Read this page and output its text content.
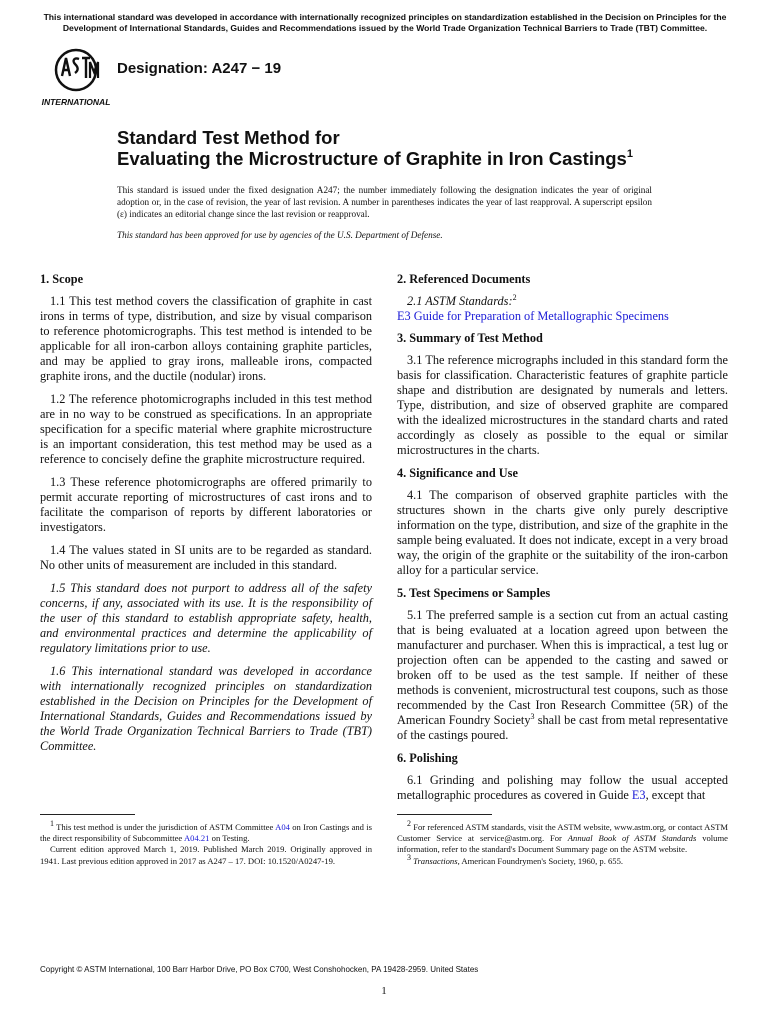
This international standard was developed in accordance with internationally recognized principles on standardization established in the Decision on Principles for the Development of International Standards, Guides and Recommendations issued by the World Trade Organization Technical Barriers to Trade (TBT) Committee.
INTERNATIONAL
Designation: A247 − 19
Standard Test Method for
Evaluating the Microstructure of Graphite in Iron Castings$^1$
This standard is issued under the fixed designation A247; the number immediately following the designation indicates the year of original adoption or, in the case of revision, the year of last revision. A number in parentheses indicates the year of last reapproval. A superscript epsilon (ε) indicates an editorial change since the last revision or reapproval.
This standard has been approved for use by agencies of the U.S. Department of Defense.
1. Scope

1.1 This test method covers the classification of graphite in cast irons in terms of type, distribution, and size by visual comparison to reference photomicrographs. This test method is intended to be applicable for all iron-carbon alloys containing graphite particles, and may be applied to gray irons, malleable irons, compacted graphite irons, and the ductile (nodular) irons.

1.2 The reference photomicrographs included in this test method are in no way to be construed as specifications. In an appropriate specification for a specific material where graphite microstructure is an important consideration, this test method may be used as a reference to concisely define the graphite microstructure required.

1.3 These reference photomicrographs are offered primarily to permit accurate reporting of microstructures of cast irons and to facilitate the comparison of reports by different laboratories or investigators.

1.4 The values stated in SI units are to be regarded as standard. No other units of measurement are included in this standard.

1.5 This standard does not purport to address all of the safety concerns, if any, associated with its use. It is the responsibility of the user of this standard to establish appropriate safety, health, and environmental practices and determine the applicability of regulatory limitations prior to use.

1.6 This international standard was developed in accordance with internationally recognized principles on standardization established in the Decision on Principles for the Development of International Standards, Guides and Recommendations issued by the World Trade Organization Technical Barriers to Trade (TBT) Committee.

2. Referenced Documents

2.1 ASTM Standards:$^2$

E3 Guide for Preparation of Metallographic Specimens

3. Summary of Test Method

3.1 The reference micrographs included in this standard form the basis for classification. Characteristic features of graphite particle shape and distribution are designated by numerals and letters. Type, distribution, and size of observed graphite are compared with the idealized microstructures in the standard charts and rated accordingly as closely as possible to the equal or similar microstructures in the charts.

4. Significance and Use

4.1 The comparison of observed graphite particles with the structures shown in the charts give only purely descriptive information on the type, distribution, and size of the graphite in the sample being evaluated. It does not indicate, except in a very broad way, the origin of the graphite or the suitability of the iron-carbon alloy for a particular service.

5. Test Specimens or Samples

5.1 The preferred sample is a section cut from an actual casting that is being evaluated at a location agreed upon between the manufacturer and purchaser. When this is impractical, a test lug or projection often can be appended to the casting and sawed or broken off to be used as the test sample. If neither of these methods is convenient, microstructural test coupons, such as those recommended by the Cast Iron Research Committee (5R) of the American Foundry Society$^3$ shall be cast from metal representative of the castings poured.

6. Polishing

6.1 Grinding and polishing may follow the usual accepted metallographic procedures as covered in Guide E3, except that

$^1$ This test method is under the jurisdiction of ASTM Committee A04 on Iron Castings and is the direct responsibility of Subcommittee A04.21 on Testing.

Current edition approved March 1, 2019. Published March 2019. Originally approved in 1941. Last previous edition approved in 2017 as A247 – 17. DOI: 10.1520/A0247-19.

$^2$ For referenced ASTM standards, visit the ASTM website, www.astm.org, or contact ASTM Customer Service at service@astm.org. For Annual Book of ASTM Standards volume information, refer to the standard's Document Summary page on the ASTM website.

$^3$ Transactions, American Foundrymen's Society, 1960, p. 655.

Copyright © ASTM International, 100 Barr Harbor Drive, PO Box C700, West Conshohocken, PA 19428-2959. United States
1
